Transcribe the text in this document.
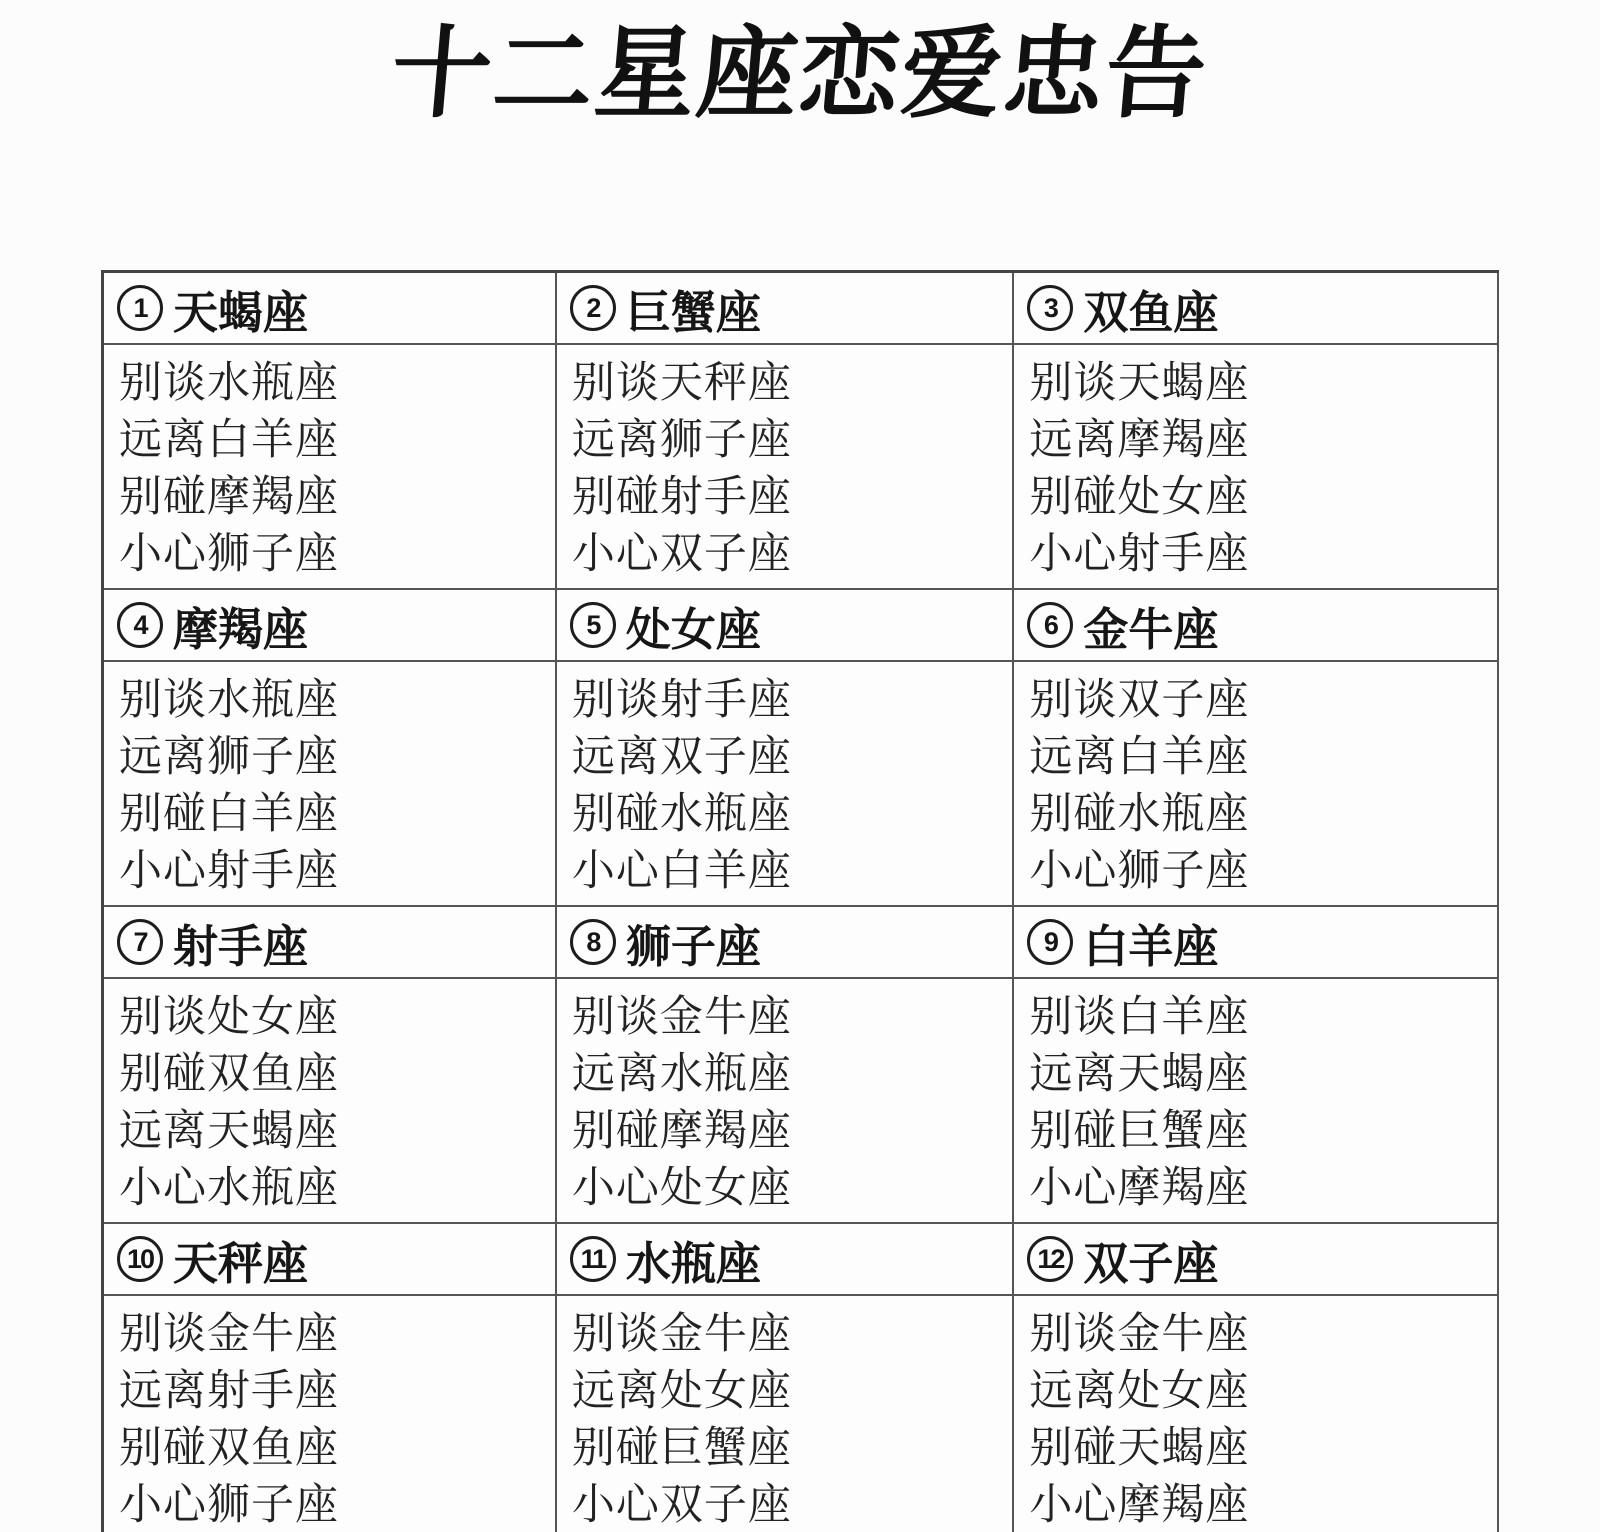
十二星座恋爱忠告
1 天蝎座
别谈水瓶座
远离白羊座
别碰摩羯座
小心狮子座
2 巨蟹座
别谈天秤座
远离狮子座
别碰射手座
小心双子座
3 双鱼座
别谈天蝎座
远离摩羯座
别碰处女座
小心射手座
4 摩羯座
别谈水瓶座
远离狮子座
别碰白羊座
小心射手座
5 处女座
别谈射手座
远离双子座
别碰水瓶座
小心白羊座
6 金牛座
别谈双子座
远离白羊座
别碰水瓶座
小心狮子座
7 射手座
别谈处女座
别碰双鱼座
远离天蝎座
小心水瓶座
8 狮子座
别谈金牛座
远离水瓶座
别碰摩羯座
小心处女座
9 白羊座
别谈白羊座
远离天蝎座
别碰巨蟹座
小心摩羯座
10 天秤座
别谈金牛座
远离射手座
别碰双鱼座
小心狮子座
11 水瓶座
别谈金牛座
远离处女座
别碰巨蟹座
小心双子座
12 双子座
别谈金牛座
远离处女座
别碰天蝎座
小心摩羯座
